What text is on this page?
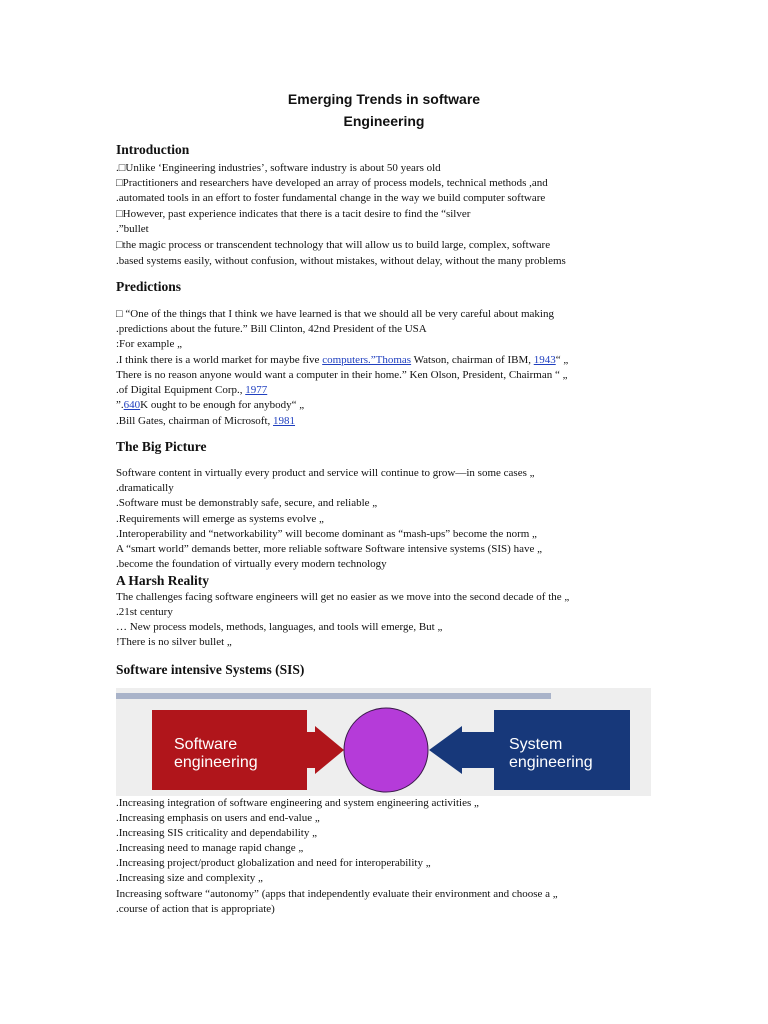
Emerging Trends in software
Engineering
Introduction
.□Unlike ‘Engineering industries’, software industry is about 50 years old
□Practitioners and researchers have developed an array of process models, technical methods ,and
.automated tools in an effort to foster fundamental change in the way we build computer software
□However, past experience indicates that there is a tacit desire to find the “silver
.”bullet
□the magic process or transcendent technology that will allow us to build large, complex, software
.based systems easily, without confusion, without mistakes, without delay, without the many problems
Predictions
□ “One of the things that I think we have learned is that we should all be very careful about making
.predictions about the future.” Bill Clinton, 42nd President of the USA
:For example „
.I think there is a world market for maybe five computers.”Thomas Watson, chairman of IBM, 1943“ „
There is no reason anyone would want a computer in their home.” Ken Olson, President, Chairman “ „
.of Digital Equipment Corp., 1977
”.640K ought to be enough for anybody“ „
.Bill Gates, chairman of Microsoft, 1981
The Big Picture
Software content in virtually every product and service will continue to grow—in some cases „
.dramatically
.Software must be demonstrably safe, secure, and reliable „
.Requirements will emerge as systems evolve „
.Interoperability and “networkability” will become dominant as “mash-ups” become the norm „
A “smart world” demands better, more reliable software Software intensive systems (SIS) have „
.become the foundation of virtually every modern technology
A Harsh Reality
The challenges facing software engineers will get no easier as we move into the second decade of the „
.21st century
… New process models, methods, languages, and tools will emerge, But „
!There is no silver bullet „
Software intensive Systems (SIS)
Software
engineering
System
engineering
.Increasing integration of software engineering and system engineering activities „
.Increasing emphasis on users and end-value „
.Increasing SIS criticality and dependability „
.Increasing need to manage rapid change „
.Increasing project/product globalization and need for interoperability „
.Increasing size and complexity „
Increasing software “autonomy” (apps that independently evaluate their environment and choose a „
.course of action that is appropriate)
